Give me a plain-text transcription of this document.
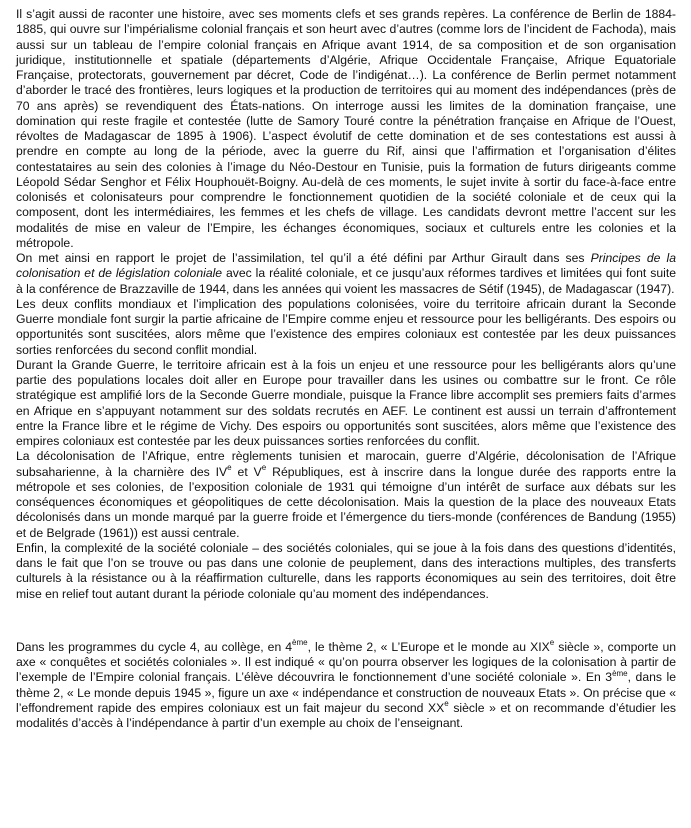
Il s’agit aussi de raconter une histoire, avec ses moments clefs et ses grands repères. La conférence de Berlin de 1884-1885, qui ouvre sur l’impérialisme colonial français et son heurt avec d’autres (comme lors de l’incident de Fachoda), mais aussi sur un tableau de l’empire colonial français en Afrique avant 1914, de sa composition et de son organisation juridique, institutionnelle et spatiale (départements d’Algérie, Afrique Occidentale Française, Afrique Equatoriale Française, protectorats, gouvernement par décret, Code de l’indigénat…). La conférence de Berlin permet notamment d’aborder le tracé des frontières, leurs logiques et la production de territoires qui au moment des indépendances (près de 70 ans après) se revendiquent des États-nations. On interroge aussi les limites de la domination française, une domination qui reste fragile et contestée (lutte de Samory Touré contre la pénétration française en Afrique de l’Ouest, révoltes de Madagascar de 1895 à 1906). L’aspect évolutif de cette domination et de ses contestations est aussi à prendre en compte au long de la période, avec la guerre du Rif, ainsi que l’affirmation et l’organisation d’élites contestataires au sein des colonies à l’image du Néo-Destour en Tunisie, puis la formation de futurs dirigeants comme Léopold Sédar Senghor et Félix Houphouët-Boigny. Au-delà de ces moments, le sujet invite à sortir du face-à-face entre colonisés et colonisateurs pour comprendre le fonctionnement quotidien de la société coloniale et de ceux qui la composent, dont les intermédiaires, les femmes et les chefs de village. Les candidats devront mettre l’accent sur les modalités de mise en valeur de l’Empire, les échanges économiques, sociaux et culturels entre les colonies et la métropole.

On met ainsi en rapport le projet de l’assimilation, tel qu’il a été défini par Arthur Girault dans ses Principes de la colonisation et de législation coloniale avec la réalité coloniale, et ce jusqu’aux réformes tardives et limitées qui font suite à la conférence de Brazzaville de 1944, dans les années qui voient les massacres de Sétif (1945), de Madagascar (1947).

Les deux conflits mondiaux et l’implication des populations colonisées, voire du territoire africain durant la Seconde Guerre mondiale font surgir la partie africaine de l’Empire comme enjeu et ressource pour les belligérants. Des espoirs ou opportunités sont suscitées, alors même que l’existence des empires coloniaux est contestée par les deux puissances sorties renforcées du second conflit mondial.

Durant la Grande Guerre, le territoire africain est à la fois un enjeu et une ressource pour les belligérants alors qu’une partie des populations locales doit aller en Europe pour travailler dans les usines ou combattre sur le front. Ce rôle stratégique est amplifié lors de la Seconde Guerre mondiale, puisque la France libre accomplit ses premiers faits d’armes en Afrique en s’appuyant notamment sur des soldats recrutés en AEF. Le continent est aussi un terrain d’affrontement entre la France libre et le régime de Vichy. Des espoirs ou opportunités sont suscitées, alors même que l’existence des empires coloniaux est contestée par les deux puissances sorties renforcées du conflit.

La décolonisation de l’Afrique, entre règlements tunisien et marocain, guerre d’Algérie, décolonisation de l’Afrique subsaharienne, à la charnière des IVe et Ve Républiques, est à inscrire dans la longue durée des rapports entre la métropole et ses colonies, de l’exposition coloniale de 1931 qui témoigne d’un intérêt de surface aux débats sur les conséquences économiques et géopolitiques de cette décolonisation. Mais la question de la place des nouveaux Etats décolonisés dans un monde marqué par la guerre froide et l’émergence du tiers-monde (conférences de Bandung (1955) et de Belgrade (1961)) est aussi centrale.

Enfin, la complexité de la société coloniale – des sociétés coloniales, qui se joue à la fois dans des questions d’identités, dans le fait que l’on se trouve ou pas dans une colonie de peuplement, dans des interactions multiples, des transferts culturels à la résistance ou à la réaffirmation culturelle, dans les rapports économiques au sein des territoires, doit être mise en relief tout autant durant la période coloniale qu’au moment des indépendances.

Dans les programmes du cycle 4, au collège, en 4ème, le thème 2, « L’Europe et le monde au XIXe siècle », comporte un axe « conquêtes et sociétés coloniales ». Il est indiqué « qu’on pourra observer les logiques de la colonisation à partir de l’exemple de l’Empire colonial français. L’élève découvrira le fonctionnement d’une société coloniale ». En 3ème, dans le thème 2, « Le monde depuis 1945 », figure un axe « indépendance et construction de nouveaux Etats ». On précise que « l’effondrement rapide des empires coloniaux est un fait majeur du second XXe siècle » et on recommande d’étudier les modalités d’accès à l’indépendance à partir d’un exemple au choix de l’enseignant.
